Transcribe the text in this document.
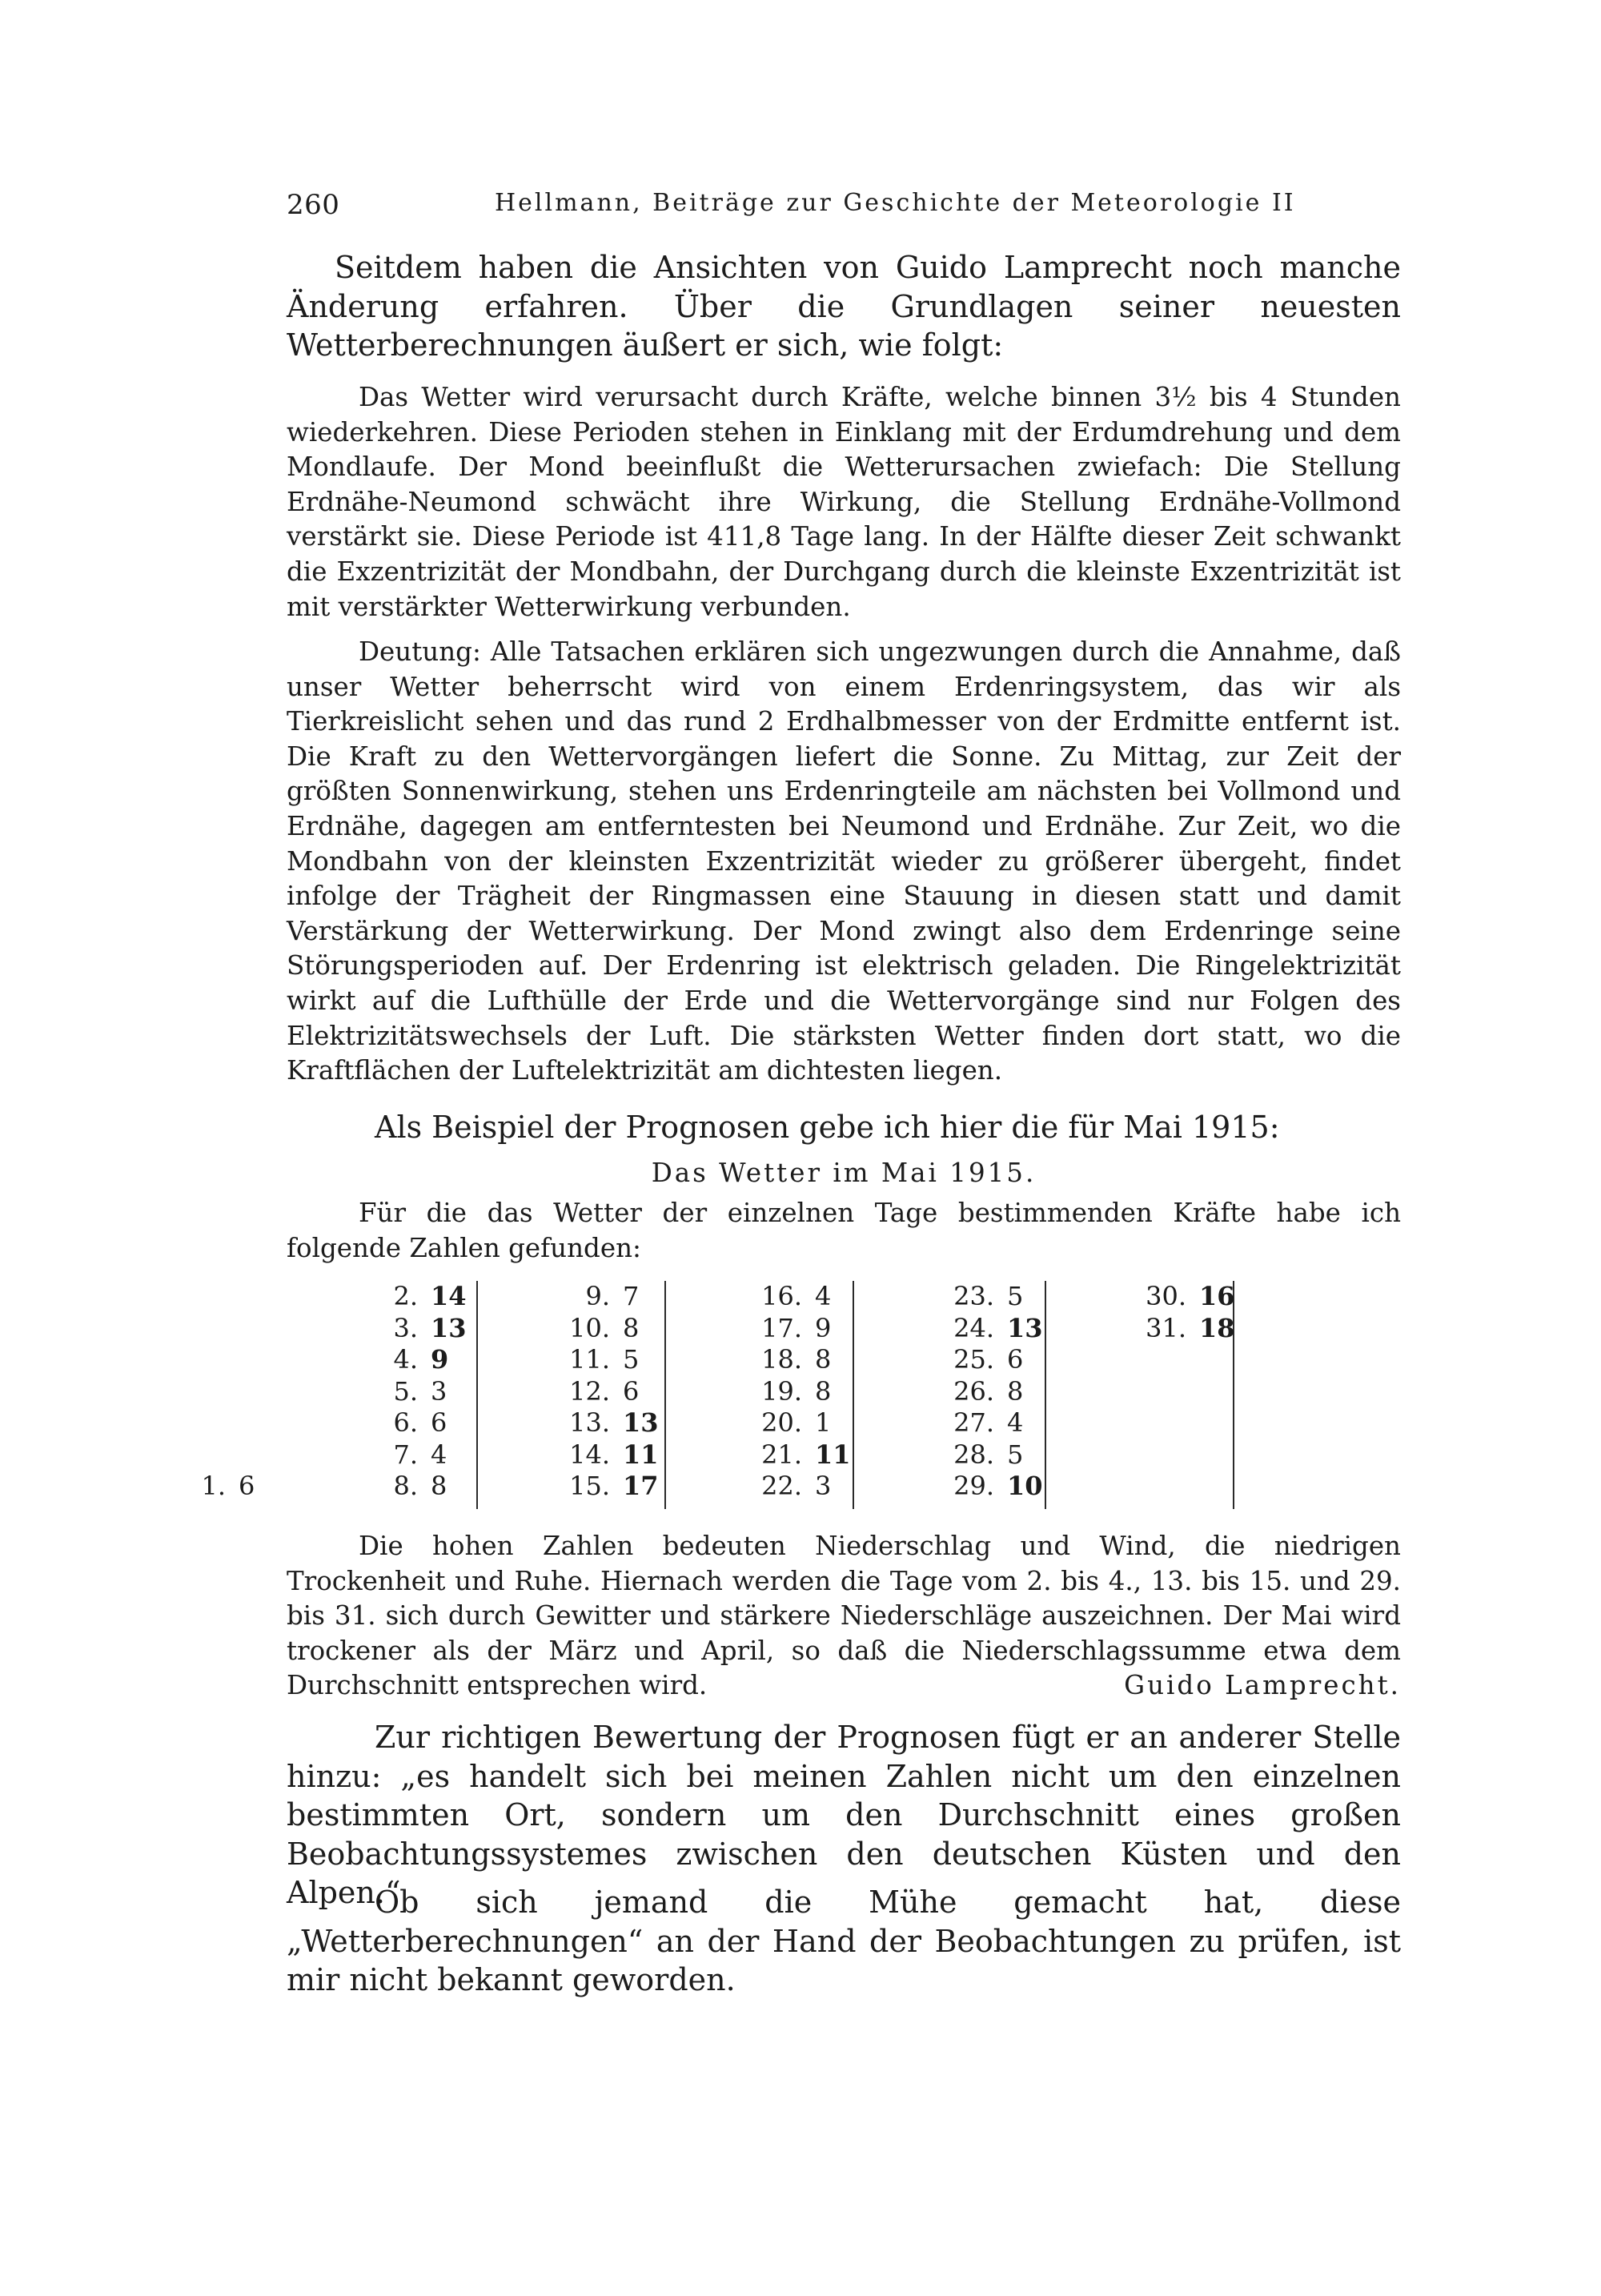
260	Hellmann, Beiträge zur Geschichte der Meteorologie II

Seitdem haben die Ansichten von Guido Lamprecht noch manche Änderung erfahren. Über die Grundlagen seiner neuesten Wetterberechnungen äußert er sich, wie folgt:

Das Wetter wird verursacht durch Kräfte, welche binnen 3½ bis 4 Stunden wiederkehren. Diese Perioden stehen in Einklang mit der Erdumdrehung und dem Mondlaufe. Der Mond beeinflußt die Wetterursachen zwiefach: Die Stellung Erdnähe-Neumond schwächt ihre Wirkung, die Stellung Erdnähe-Vollmond verstärkt sie. Diese Periode ist 411,8 Tage lang. In der Hälfte dieser Zeit schwankt die Exzentrizität der Mondbahn, der Durchgang durch die kleinste Exzentrizität ist mit verstärkter Wetterwirkung verbunden.

Deutung: Alle Tatsachen erklären sich ungezwungen durch die Annahme, daß unser Wetter beherrscht wird von einem Erdenringsystem, das wir als Tierkreislicht sehen und das rund 2 Erdhalbmesser von der Erdmitte entfernt ist. Die Kraft zu den Wettervorgängen liefert die Sonne. Zu Mittag, zur Zeit der größten Sonnenwirkung, stehen uns Erdenringteile am nächsten bei Vollmond und Erdnähe, dagegen am entferntesten bei Neumond und Erdnähe. Zur Zeit, wo die Mondbahn von der kleinsten Exzentrizität wieder zu größerer übergeht, findet infolge der Trägheit der Ringmassen eine Stauung in diesen statt und damit Verstärkung der Wetterwirkung. Der Mond zwingt also dem Erdenringe seine Störungsperioden auf. Der Erdenring ist elektrisch geladen. Die Ringelektrizität wirkt auf die Lufthülle der Erde und die Wettervorgänge sind nur Folgen des Elektrizitätswechsels der Luft. Die stärksten Wetter finden dort statt, wo die Kraftflächen der Luftelektrizität am dichtesten liegen.

Als Beispiel der Prognosen gebe ich hier die für Mai 1915:

Das Wetter im Mai 1915.

Für die das Wetter der einzelnen Tage bestimmenden Kräfte habe ich folgende Zahlen gefunden:

1. 6
2. 14
3. 13
4. 9
5. 3
6. 6
7. 4
8. 8
9. 7
10. 8
11. 5
12. 6
13. 13
14. 11
15. 17
16. 4
17. 9
18. 8
19. 8
20. 1
21. 11
22. 3
23. 5
24. 13
25. 6
26. 8
27. 4
28. 5
29. 10
30. 16
31. 18

Die hohen Zahlen bedeuten Niederschlag und Wind, die niedrigen Trockenheit und Ruhe. Hiernach werden die Tage vom 2. bis 4., 13. bis 15. und 29. bis 31. sich durch Gewitter und stärkere Niederschläge auszeichnen. Der Mai wird trockener als der März und April, so daß die Niederschlagssumme etwa dem Durchschnitt entsprechen wird.	Guido Lamprecht.

Zur richtigen Bewertung der Prognosen fügt er an anderer Stelle hinzu: „es handelt sich bei meinen Zahlen nicht um den einzelnen bestimmten Ort, sondern um den Durchschnitt eines großen Beobachtungssystemes zwischen den deutschen Küsten und den Alpen.“

Ob sich jemand die Mühe gemacht hat, diese „Wetterberechnungen“ an der Hand der Beobachtungen zu prüfen, ist mir nicht bekannt geworden.
